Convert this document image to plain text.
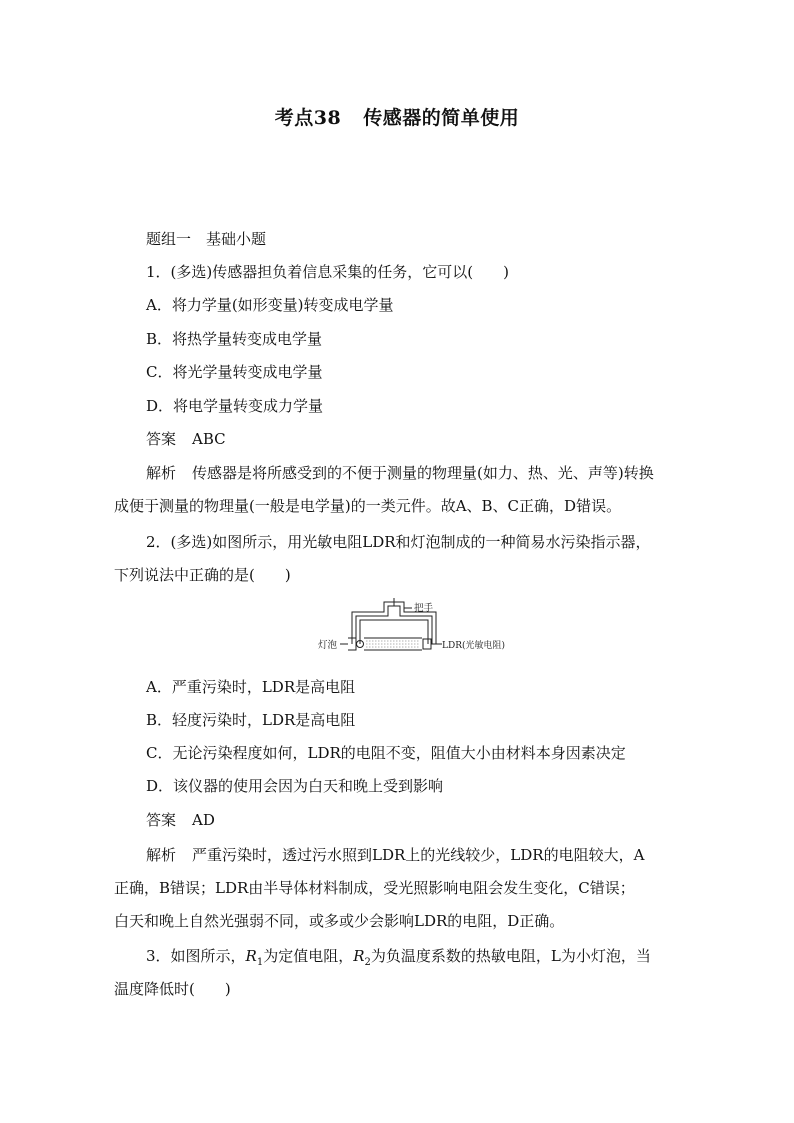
考点38 传感器的简单使用
题组一　基础小题
1．(多选)传感器担负着信息采集的任务，它可以(　　)
A．将力学量(如形变量)转变成电学量
B．将热学量转变成电学量
C．将光学量转变成电学量
D．将电学量转变成力学量
答案 ABC
解析 传感器是将所感受到的不便于测量的物理量(如力、热、光、声等)转换
成便于测量的物理量(一般是电学量)的一类元件。故A、B、C正确，D错误。
2．(多选)如图所示，用光敏电阻LDR和灯泡制成的一种简易水污染指示器，
下列说法中正确的是(　　)
把手
灯泡	LDR(光敏电阻)
A．严重污染时，LDR是高电阻
B．轻度污染时，LDR是高电阻
C．无论污染程度如何，LDR的电阻不变，阻值大小由材料本身因素决定
D．该仪器的使用会因为白天和晚上受到影响
答案 AD
解析 严重污染时，透过污水照到LDR上的光线较少，LDR的电阻较大，A
正确，B错误；LDR由半导体材料制成，受光照影响电阻会发生变化，C错误；
白天和晚上自然光强弱不同，或多或少会影响LDR的电阻，D正确。
3．如图所示，$R_1$为定值电阻，$R_2$为负温度系数的热敏电阻，L为小灯泡，当
温度降低时(　　)
